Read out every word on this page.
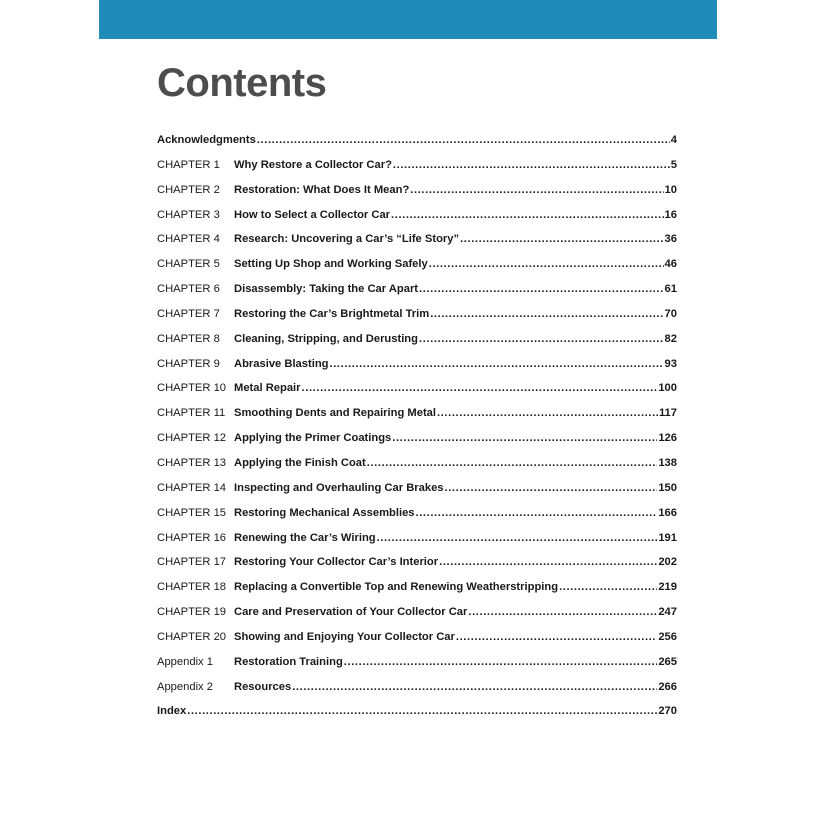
Contents
Acknowledgments .....	4
CHAPTER 1	Why Restore a Collector Car? .....	5
CHAPTER 2	Restoration: What Does It Mean? .....	10
CHAPTER 3	How to Select a Collector Car .....	16
CHAPTER 4	Research: Uncovering a Car’s “Life Story” .....	36
CHAPTER 5	Setting Up Shop and Working Safely .....	46
CHAPTER 6	Disassembly: Taking the Car Apart .....	61
CHAPTER 7	Restoring the Car’s Brightmetal Trim .....	70
CHAPTER 8	Cleaning, Stripping, and Derusting .....	82
CHAPTER 9	Abrasive Blasting .....	93
CHAPTER 10 Metal Repair .....	100
CHAPTER 11 Smoothing Dents and Repairing Metal .....	117
CHAPTER 12 Applying the Primer Coatings .....	126
CHAPTER 13 Applying the Finish Coat .....	138
CHAPTER 14 Inspecting and Overhauling Car Brakes .....	150
CHAPTER 15 Restoring Mechanical Assemblies .....	166
CHAPTER 16 Renewing the Car’s Wiring .....	191
CHAPTER 17 Restoring Your Collector Car’s Interior .....	202
CHAPTER 18 Replacing a Convertible Top and Renewing Weatherstripping .....	219
CHAPTER 19 Care and Preservation of Your Collector Car .....	247
CHAPTER 20 Showing and Enjoying Your Collector Car .....	256
Appendix 1	Restoration Training .....	265
Appendix 2	Resources .....	266
Index .....	270
